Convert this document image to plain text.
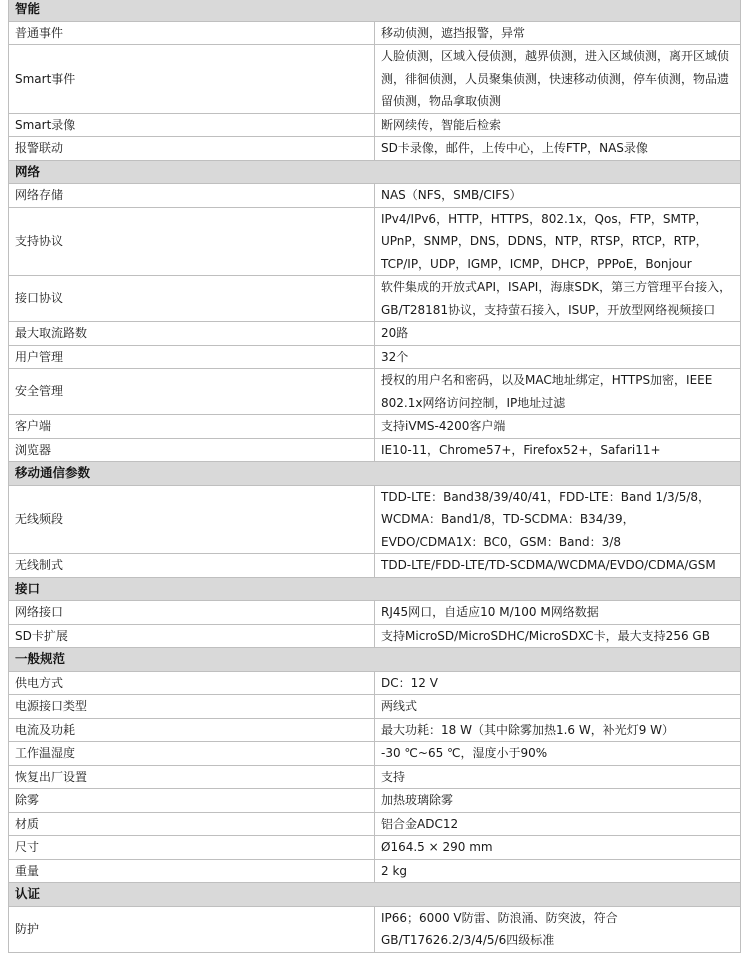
智能	
普通事件	移动侦测，遮挡报警，异常
Smart事件	人脸侦测，区域入侵侦测，越界侦测，进入区域侦测，离开区域侦测，徘徊侦测，人员聚集侦测，快速移动侦测，停车侦测，物品遗留侦测，物品拿取侦测
Smart录像	断网续传，智能后检索
报警联动	SD卡录像，邮件，上传中心，上传FTP，NAS录像
网络	
网络存储	NAS（NFS，SMB/CIFS）
支持协议	IPv4/IPv6，HTTP，HTTPS，802.1x，Qos，FTP，SMTP，UPnP，SNMP，DNS，DDNS，NTP，RTSP，RTCP，RTP，TCP/IP，UDP，IGMP，ICMP，DHCP，PPPoE，Bonjour
接口协议	软件集成的开放式API，ISAPI，海康SDK，第三方管理平台接入，GB/T28181协议，支持萤石接入，ISUP，开放型网络视频接口
最大取流路数	20路
用户管理	32个
安全管理	授权的用户名和密码，以及MAC地址绑定，HTTPS加密，IEEE 802.1x网络访问控制，IP地址过滤
客户端	支持iVMS-4200客户端
浏览器	IE10-11，Chrome57+，Firefox52+，Safari11+
移动通信参数	
无线频段	TDD-LTE：Band38/39/40/41，FDD-LTE：Band 1/3/5/8，WCDMA：Band1/8，TD-SCDMA：B34/39，EVDO/CDMA1X：BC0，GSM：Band：3/8
无线制式	TDD-LTE/FDD-LTE/TD-SCDMA/WCDMA/EVDO/CDMA/GSM
接口	
网络接口	RJ45网口，自适应10 M/100 M网络数据
SD卡扩展	支持MicroSD/MicroSDHC/MicroSDXC卡，最大支持256 GB
一般规范	
供电方式	DC：12 V
电源接口类型	两线式
电流及功耗	最大功耗：18 W（其中除雾加热1.6 W，补光灯9 W）
工作温湿度	-30 ℃~65 ℃，湿度小于90%
恢复出厂设置	支持
除雾	加热玻璃除雾
材质	铝合金ADC12
尺寸	Ø164.5 × 290 mm
重量	2 kg
认证	
防护	IP66；6000 V防雷、防浪涌、防突波，符合GB/T17626.2/3/4/5/6四级标准
